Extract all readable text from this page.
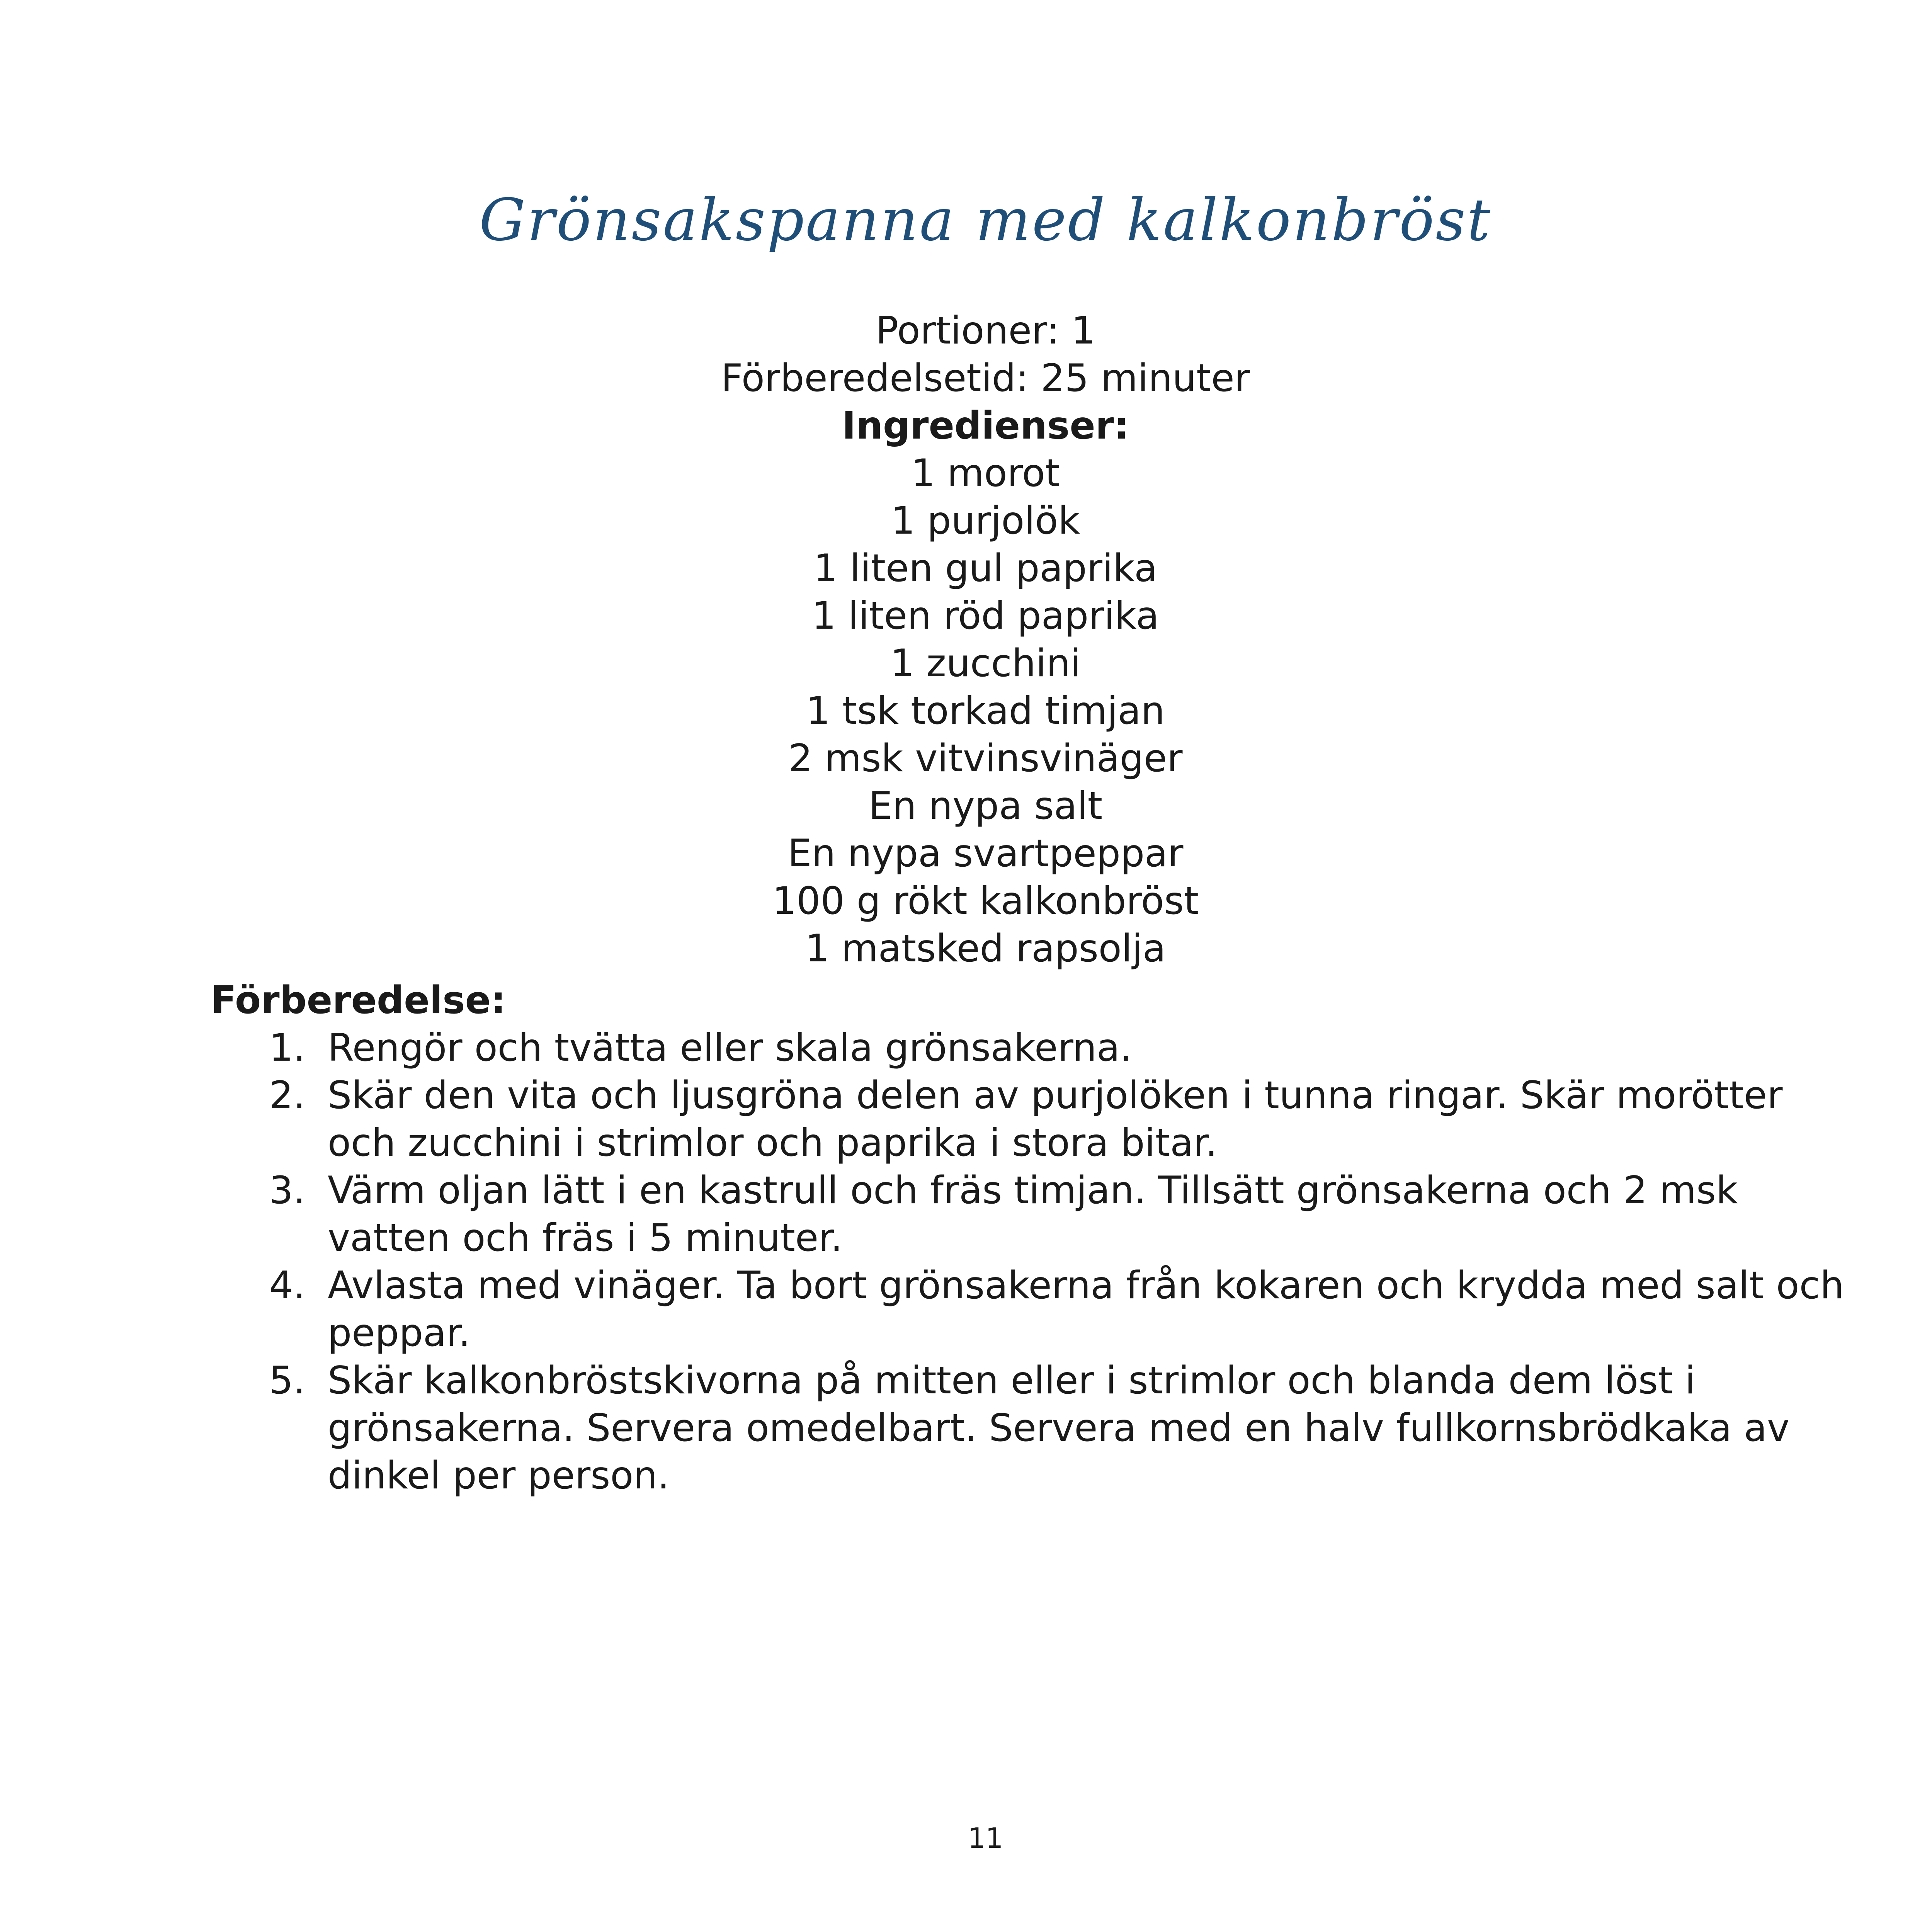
Grönsakspanna med kalkonbröst
Portioner: 1
Förberedelsetid: 25 minuter
Ingredienser:
1 morot
1 purjolök
1 liten gul paprika
1 liten röd paprika
1 zucchini
1 tsk torkad timjan
2 msk vitvinsvinäger
En nypa salt
En nypa svartpeppar
100 g rökt kalkonbröst
1 matsked rapsolja
Förberedelse:
1. Rengör och tvätta eller skala grönsakerna.
2. Skär den vita och ljusgröna delen av purjolöken i tunna ringar. Skär morötter och zucchini i strimlor och paprika i stora bitar.
3. Värm oljan lätt i en kastrull och fräs timjan. Tillsätt grönsakerna och 2 msk vatten och fräs i 5 minuter.
4. Avlasta med vinäger. Ta bort grönsakerna från kokaren och krydda med salt och peppar.
5. Skär kalkonbröstskivorna på mitten eller i strimlor och blanda dem löst i grönsakerna. Servera omedelbart. Servera med en halv fullkornsbrödkaka av dinkel per person.
11
